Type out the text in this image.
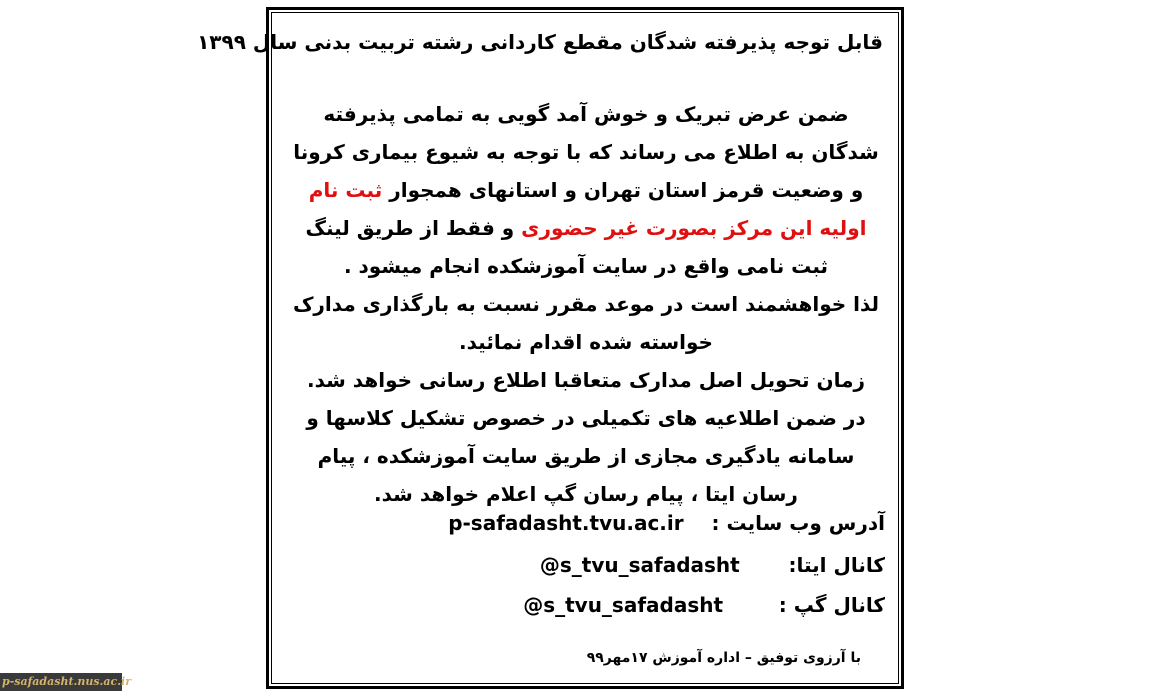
قابل توجه پذیرفته شدگان مقطع کاردانی رشته تربیت بدنی سال ۱۳۹۹

ضمن عرض تبریک و خوش آمد گویی به تمامی پذیرفته شدگان به اطلاع می رساند که با توجه به شیوع بیماری کرونا و وضعیت قرمز استان تهران و استانهای همجوار ثبت نام اولیه این مرکز بصورت غیر حضوری و فقط از طریق لینگ ثبت نامی واقع در سایت آموزشکده انجام میشود .

لذا خواهشمند است در موعد مقرر نسبت به بارگذاری مدارک خواسته شده اقدام نمائید.

زمان تحویل اصل مدارک متعاقبا اطلاع رسانی خواهد شد.

در ضمن اطلاعیه های تکمیلی در خصوص تشکیل کلاسها و سامانه یادگیری مجازی از طریق سایت آموزشکده ، پیام رسان ایتا ، پیام رسان گپ اعلام خواهد شد.

آدرس وب سایت :    p-safadasht.tvu.ac.ir
کانال ایتا:       @s_tvu_safadasht
کانال گپ :        @s_tvu_safadasht
با آرزوی توفیق – اداره آموزش ۱۷مهر۹۹
p-safadasht.nus.ac.ir
